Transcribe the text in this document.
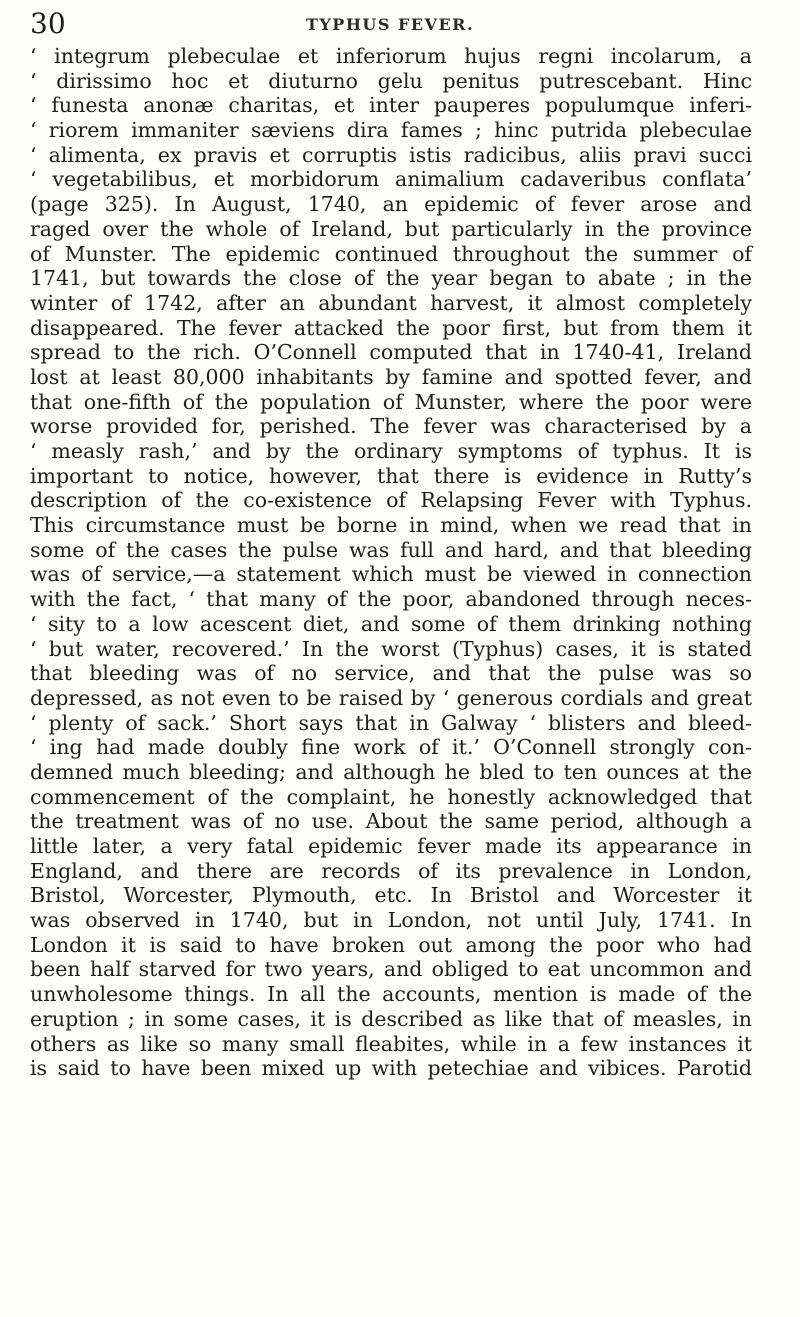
30	TYPHUS FEVER.
‘ integrum plebeculae et inferiorum hujus regni incolarum, a
‘ dirissimo hoc et diuturno gelu penitus putrescebant. Hinc
‘ funesta anonæ charitas, et inter pauperes populumque inferi-
‘ riorem immaniter sæviens dira fames ; hinc putrida plebeculae
‘ alimenta, ex pravis et corruptis istis radicibus, aliis pravi succi
‘ vegetabilibus, et morbidorum animalium cadaveribus conflata’
(page 325). In August, 1740, an epidemic of fever arose and
raged over the whole of Ireland, but particularly in the province
of Munster. The epidemic continued throughout the summer of
1741, but towards the close of the year began to abate ; in the
winter of 1742, after an abundant harvest, it almost completely
disappeared. The fever attacked the poor first, but from them it
spread to the rich. O’Connell computed that in 1740-41, Ireland
lost at least 80,000 inhabitants by famine and spotted fever, and
that one-fifth of the population of Munster, where the poor were
worse provided for, perished. The fever was characterised by a
‘ measly rash,’ and by the ordinary symptoms of typhus. It is
important to notice, however, that there is evidence in Rutty’s
description of the co-existence of Relapsing Fever with Typhus.
This circumstance must be borne in mind, when we read that in
some of the cases the pulse was full and hard, and that bleeding
was of service,—a statement which must be viewed in connection
with the fact, ‘ that many of the poor, abandoned through neces-
‘ sity to a low acescent diet, and some of them drinking nothing
‘ but water, recovered.’ In the worst (Typhus) cases, it is stated
that bleeding was of no service, and that the pulse was so
depressed, as not even to be raised by ‘ generous cordials and great
‘ plenty of sack.’ Short says that in Galway ‘ blisters and bleed-
‘ ing had made doubly fine work of it.’ O’Connell strongly con-
demned much bleeding; and although he bled to ten ounces at the
commencement of the complaint, he honestly acknowledged that
the treatment was of no use. About the same period, although a
little later, a very fatal epidemic fever made its appearance in
England, and there are records of its prevalence in London,
Bristol, Worcester, Plymouth, etc. In Bristol and Worcester it
was observed in 1740, but in London, not until July, 1741. In
London it is said to have broken out among the poor who had
been half starved for two years, and obliged to eat uncommon and
unwholesome things. In all the accounts, mention is made of the
eruption ; in some cases, it is described as like that of measles, in
others as like so many small fleabites, while in a few instances it
is said to have been mixed up with petechiae and vibices. Parotid
